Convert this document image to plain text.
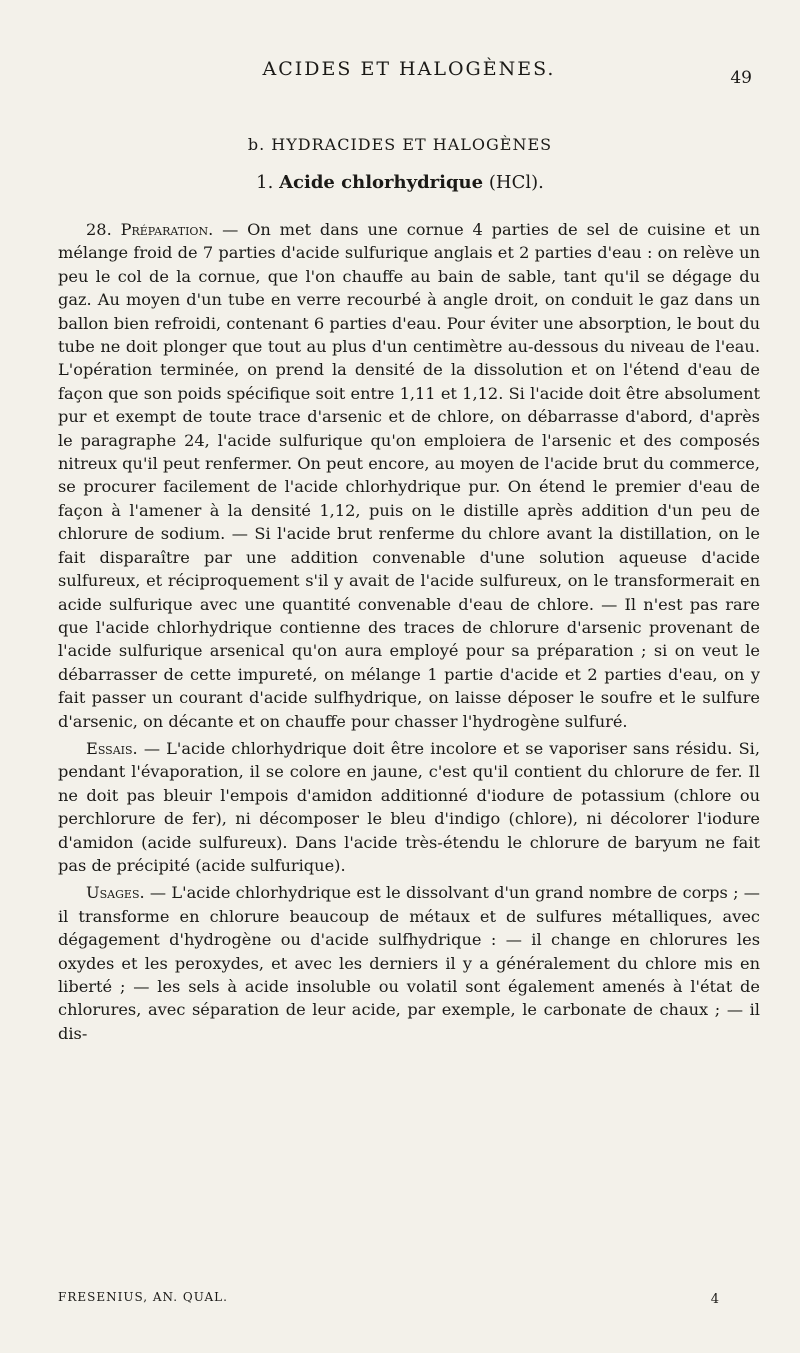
ACIDES ET HALOGÈNES.	49
b. HYDRACIDES ET HALOGÈNES
1. Acide chlorhydrique (HCl).

28. Préparation. — On met dans une cornue 4 parties de sel de cuisine et un mélange froid de 7 parties d'acide sulfurique anglais et 2 parties d'eau : on relève un peu le col de la cornue, que l'on chauffe au bain de sable, tant qu'il se dégage du gaz. Au moyen d'un tube en verre recourbé à angle droit, on conduit le gaz dans un ballon bien refroidi, contenant 6 parties d'eau. Pour éviter une absorption, le bout du tube ne doit plonger que tout au plus d'un centimètre au-dessous du niveau de l'eau. L'opération terminée, on prend la densité de la dissolution et on l'étend d'eau de façon que son poids spécifique soit entre 1,11 et 1,12. Si l'acide doit être absolument pur et exempt de toute trace d'arsenic et de chlore, on débarrasse d'abord, d'après le paragraphe 24, l'acide sulfurique qu'on emploiera de l'arsenic et des composés nitreux qu'il peut renfermer. On peut encore, au moyen de l'acide brut du commerce, se procurer facilement de l'acide chlorhydrique pur. On étend le premier d'eau de façon à l'amener à la densité 1,12, puis on le distille après addition d'un peu de chlorure de sodium. — Si l'acide brut renferme du chlore avant la distillation, on le fait disparaître par une addition convenable d'une solution aqueuse d'acide sulfureux, et réciproquement s'il y avait de l'acide sulfureux, on le transformerait en acide sulfurique avec une quantité convenable d'eau de chlore. — Il n'est pas rare que l'acide chlorhydrique contienne des traces de chlorure d'arsenic provenant de l'acide sulfurique arsenical qu'on aura employé pour sa préparation ; si on veut le débarrasser de cette impureté, on mélange 1 partie d'acide et 2 parties d'eau, on y fait passer un courant d'acide sulfhydrique, on laisse déposer le soufre et le sulfure d'arsenic, on décante et on chauffe pour chasser l'hydrogène sulfuré.

Essais. — L'acide chlorhydrique doit être incolore et se vaporiser sans résidu. Si, pendant l'évaporation, il se colore en jaune, c'est qu'il contient du chlorure de fer. Il ne doit pas bleuir l'empois d'amidon additionné d'iodure de potassium (chlore ou perchlorure de fer), ni décomposer le bleu d'indigo (chlore), ni décolorer l'iodure d'amidon (acide sulfureux). Dans l'acide très-étendu le chlorure de baryum ne fait pas de précipité (acide sulfurique).

Usages. — L'acide chlorhydrique est le dissolvant d'un grand nombre de corps ; — il transforme en chlorure beaucoup de métaux et de sulfures métalliques, avec dégagement d'hydrogène ou d'acide sulfhydrique : — il change en chlorures les oxydes et les peroxydes, et avec les derniers il y a généralement du chlore mis en liberté ; — les sels à acide insoluble ou volatil sont également amenés à l'état de chlorures, avec séparation de leur acide, par exemple, le carbonate de chaux ; — il dis-

FRESENIUS, AN. QUAL.	4
